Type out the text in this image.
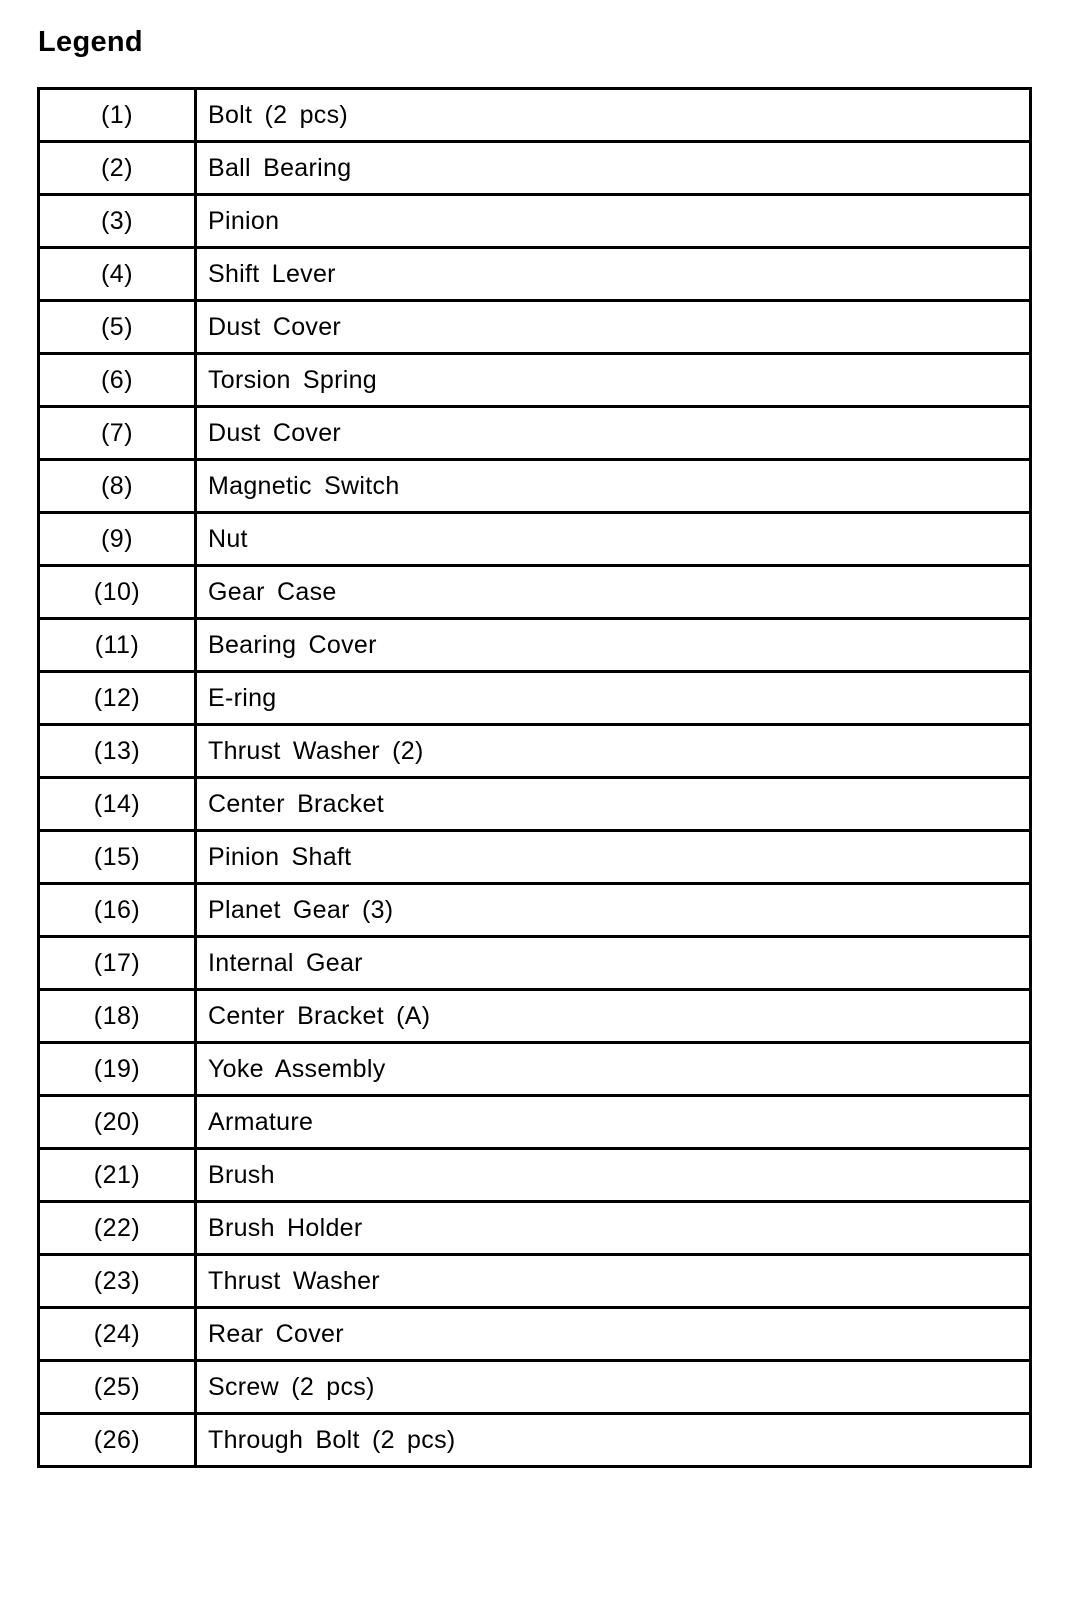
Legend
(1)	Bolt (2 pcs)
(2)	Ball Bearing
(3)	Pinion
(4)	Shift Lever
(5)	Dust Cover
(6)	Torsion Spring
(7)	Dust Cover
(8)	Magnetic Switch
(9)	Nut
(10)	Gear Case
(11)	Bearing Cover
(12)	E-ring
(13)	Thrust Washer (2)
(14)	Center Bracket
(15)	Pinion Shaft
(16)	Planet Gear (3)
(17)	Internal Gear
(18)	Center Bracket (A)
(19)	Yoke Assembly
(20)	Armature
(21)	Brush
(22)	Brush Holder
(23)	Thrust Washer
(24)	Rear Cover
(25)	Screw (2 pcs)
(26)	Through Bolt (2 pcs)
